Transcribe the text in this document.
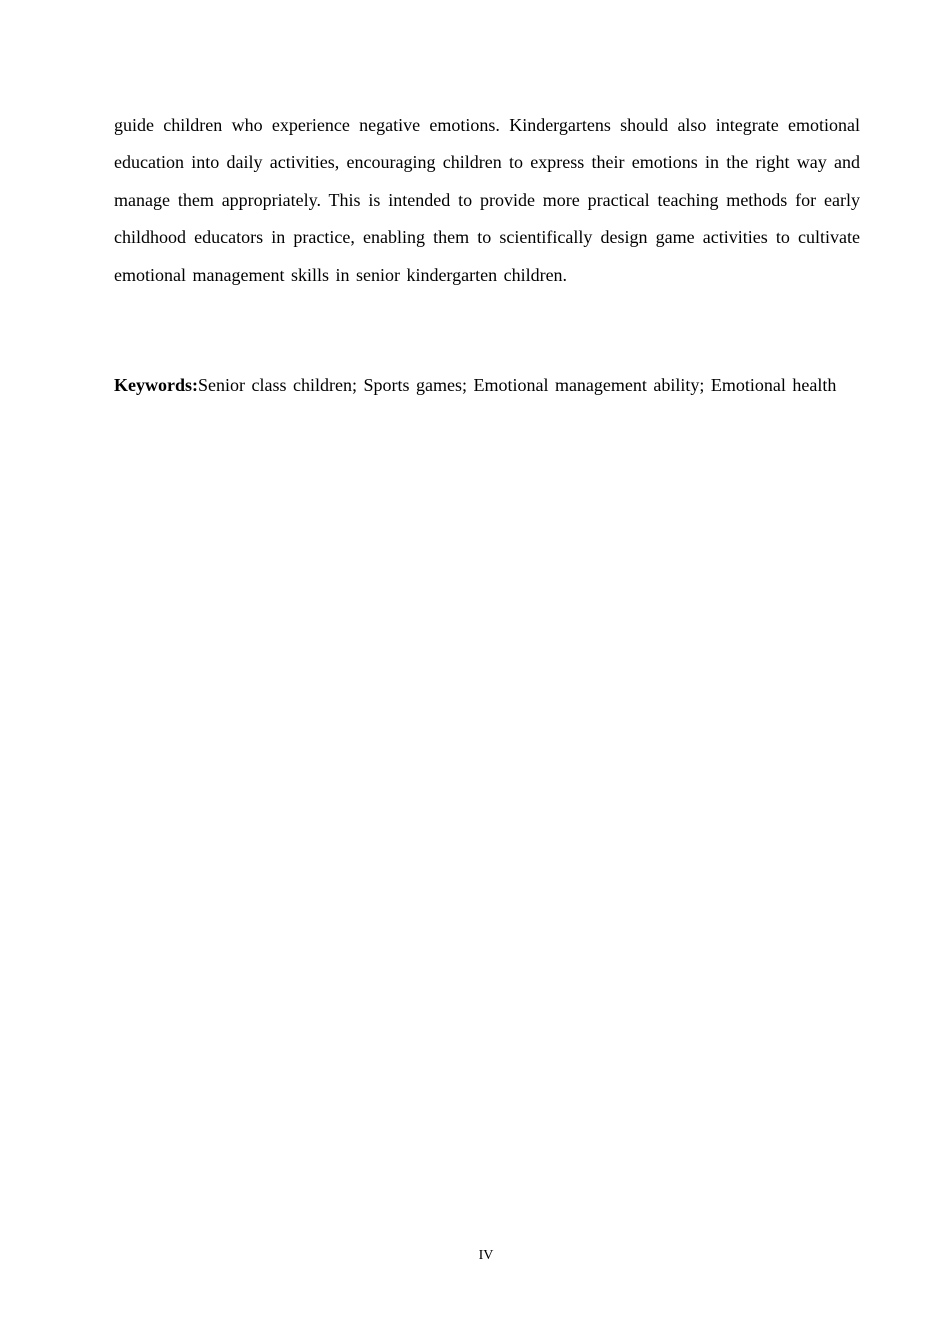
guide children who experience negative emotions. Kindergartens should also integrate emotional education into daily activities, encouraging children to express their emotions in the right way and manage them appropriately. This is intended to provide more practical teaching methods for early childhood educators in practice, enabling them to scientifically design game activities to cultivate emotional management skills in senior kindergarten children.

Keywords:Senior class children; Sports games; Emotional management ability; Emotional health

IV
